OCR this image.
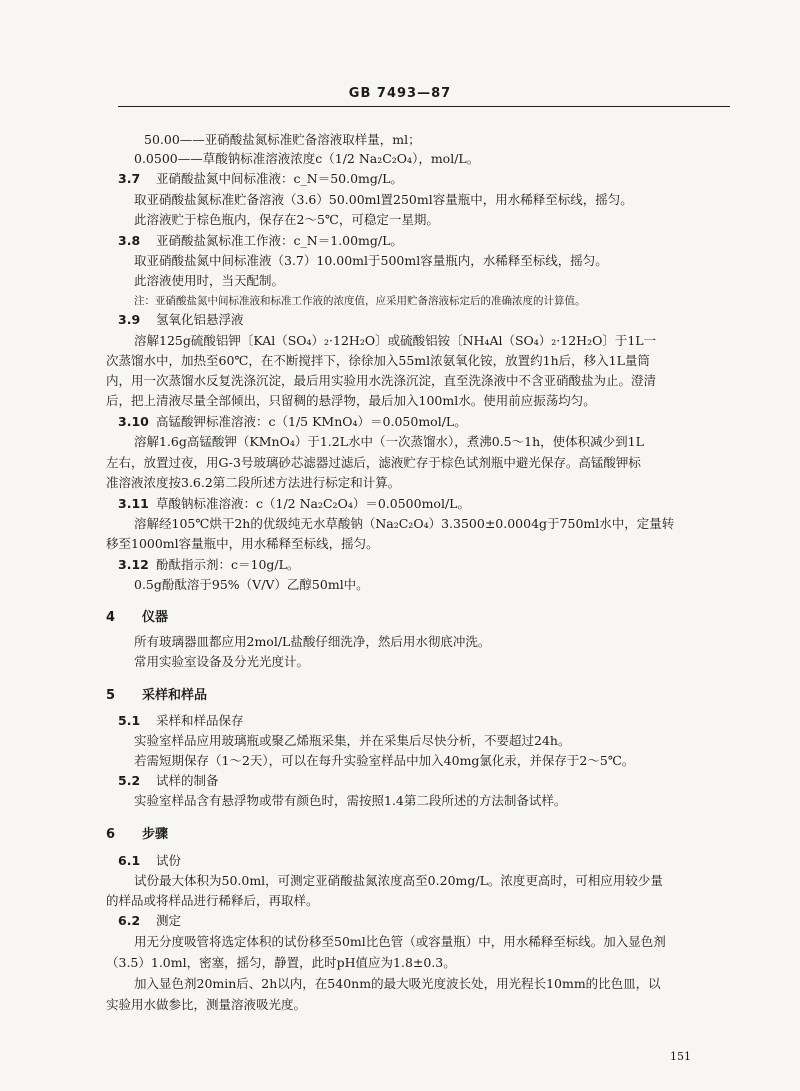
GB 7493—87
50.00——亚硝酸盐氮标准贮备溶液取样量，ml；
0.0500——草酸钠标准溶液浓度c（1/2 Na₂C₂O₄），mol/L。
3.7 亚硝酸盐氮中间标准液：c_N＝50.0mg/L。
取亚硝酸盐氮标准贮备溶液（3.6）50.00ml置250ml容量瓶中，用水稀释至标线，摇匀。
此溶液贮于棕色瓶内，保存在2～5℃，可稳定一星期。
3.8 亚硝酸盐氮标准工作液：c_N＝1.00mg/L。
取亚硝酸盐氮中间标准液（3.7）10.00ml于500ml容量瓶内，水稀释至标线，摇匀。
此溶液使用时，当天配制。
注：亚硝酸盐氮中间标准液和标准工作液的浓度值，应采用贮备溶液标定后的准确浓度的计算值。
3.9 氢氧化铝悬浮液
溶解125g硫酸铝钾〔KAl（SO₄）₂·12H₂O〕或硫酸铝铵〔NH₄Al（SO₄）₂·12H₂O〕于1L一
次蒸馏水中，加热至60℃，在不断搅拌下，徐徐加入55ml浓氨氧化铵，放置约1h后，移入1L量筒
内，用一次蒸馏水反复洗涤沉淀，最后用实验用水洗涤沉淀，直至洗涤液中不含亚硝酸盐为止。澄清
后，把上清液尽量全部倾出，只留稠的悬浮物，最后加入100ml水。使用前应振荡均匀。
3.10 高锰酸钾标准溶液：c（1/5 KMnO₄）＝0.050mol/L。
溶解1.6g高锰酸钾（KMnO₄）于1.2L水中（一次蒸馏水），煮沸0.5～1h，使体积减少到1L
左右，放置过夜，用G-3号玻璃砂芯滤器过滤后，滤液贮存于棕色试剂瓶中避光保存。高锰酸钾标
准溶液浓度按3.6.2第二段所述方法进行标定和计算。
3.11 草酸钠标准溶液：c（1/2 Na₂C₂O₄）＝0.0500mol/L。
溶解经105℃烘干2h的优级纯无水草酸钠（Na₂C₂O₄）3.3500±0.0004g于750ml水中，定量转
移至1000ml容量瓶中，用水稀释至标线，摇匀。
3.12 酚酞指示剂：c＝10g/L。
0.5g酚酞溶于95%（V/V）乙醇50ml中。
4 仪器
所有玻璃器皿都应用2mol/L盐酸仔细洗净，然后用水彻底冲洗。
常用实验室设备及分光光度计。
5 采样和样品
5.1 采样和样品保存
实验室样品应用玻璃瓶或聚乙烯瓶采集，并在采集后尽快分析，不要超过24h。
若需短期保存（1～2天），可以在每升实验室样品中加入40mg氯化汞，并保存于2～5℃。
5.2 试样的制备
实验室样品含有悬浮物或带有颜色时，需按照1.4第二段所述的方法制备试样。
6 步骤
6.1 试份
试份最大体积为50.0ml，可测定亚硝酸盐氮浓度高至0.20mg/L。浓度更高时，可相应用较少量
的样品或将样品进行稀释后，再取样。
6.2 测定
用无分度吸管将选定体积的试份移至50ml比色管（或容量瓶）中，用水稀释至标线。加入显色剂
（3.5）1.0ml，密塞，摇匀，静置，此时pH值应为1.8±0.3。
加入显色剂20min后、2h以内，在540nm的最大吸光度波长处，用光程长10mm的比色皿，以
实验用水做参比，测量溶液吸光度。
151
